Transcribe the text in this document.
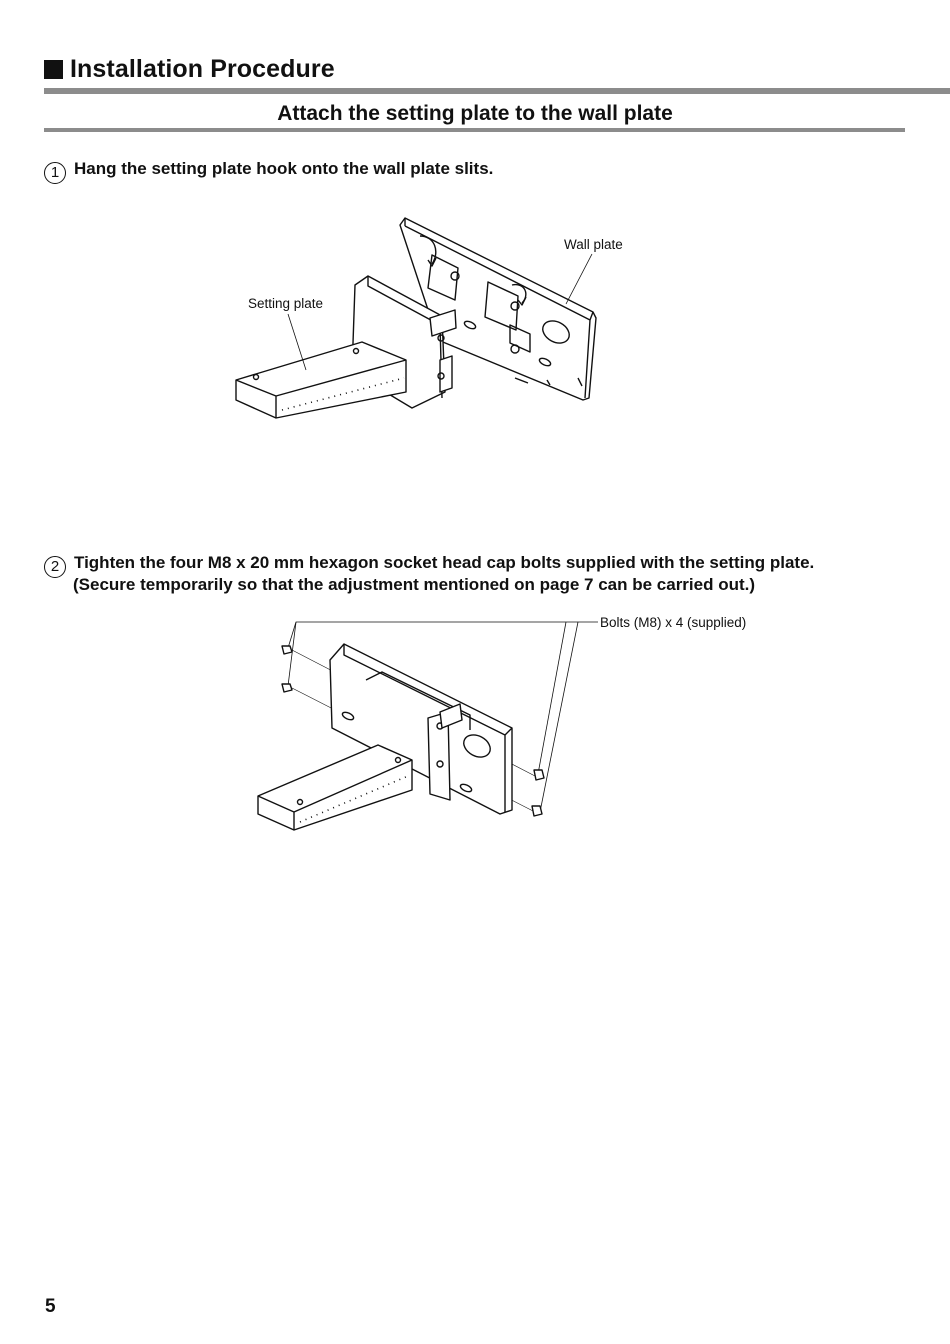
Installation Procedure
Attach the setting plate to the wall plate
1 Hang the setting plate hook onto the wall plate slits.
Wall plate
Setting plate
2 Tighten the four M8 x 20 mm hexagon socket head cap bolts supplied with the setting plate.
(Secure temporarily so that the adjustment mentioned on page 7 can be carried out.)
Bolts (M8) x 4 (supplied)
5
